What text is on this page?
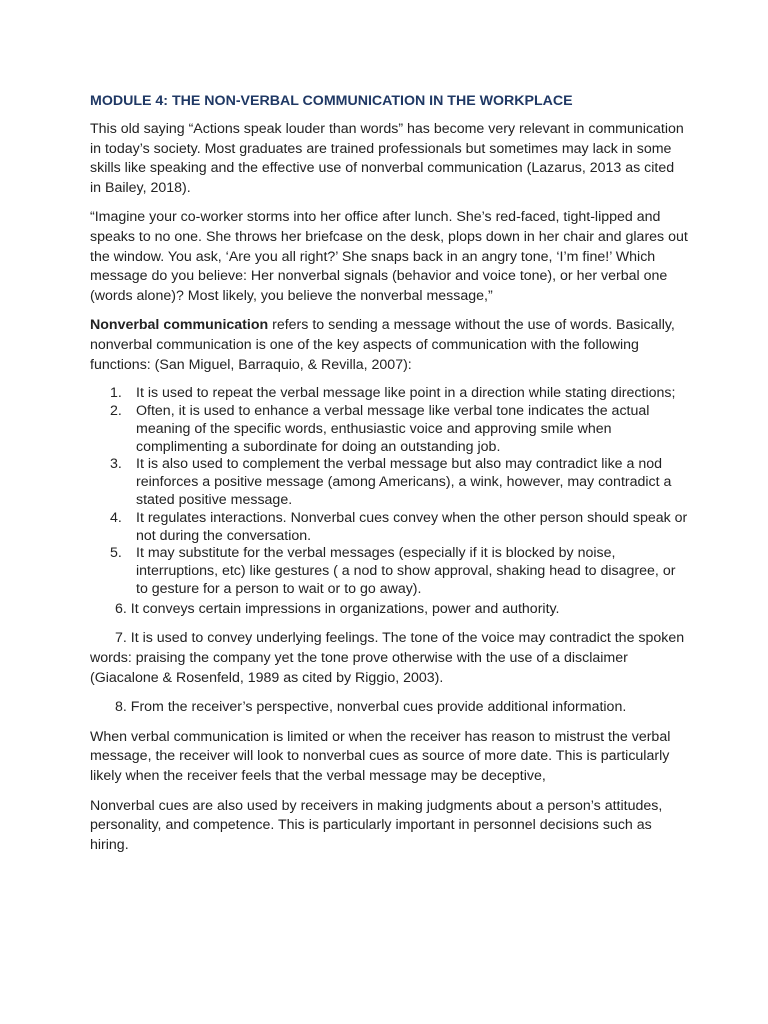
MODULE 4: THE NON-VERBAL COMMUNICATION IN THE WORKPLACE

This old saying “Actions speak louder than words” has become very relevant in communication in today’s society. Most graduates are trained professionals but sometimes may lack in some skills like speaking and the effective use of nonverbal communication (Lazarus, 2013 as cited in Bailey, 2018).

“Imagine your co-worker storms into her office after lunch. She’s red-faced, tight-lipped and speaks to no one. She throws her briefcase on the desk, plops down in her chair and glares out the window. You ask, ‘Are you all right?’ She snaps back in an angry tone, ‘I’m fine!’ Which message do you believe: Her nonverbal signals (behavior and voice tone), or her verbal one (words alone)? Most likely, you believe the nonverbal message,”

Nonverbal communication refers to sending a message without the use of words. Basically, nonverbal communication is one of the key aspects of communication with the following functions: (San Miguel, Barraquio, & Revilla, 2007):

1. It is used to repeat the verbal message like point in a direction while stating directions;
2. Often, it is used to enhance a verbal message like verbal tone indicates the actual meaning of the specific words, enthusiastic voice and approving smile when complimenting a subordinate for doing an outstanding job.
3. It is also used to complement the verbal message but also may contradict like a nod reinforces a positive message (among Americans), a wink, however, may contradict a stated positive message.
4. It regulates interactions. Nonverbal cues convey when the other person should speak or not during the conversation.
5. It may substitute for the verbal messages (especially if it is blocked by noise, interruptions, etc) like gestures ( a nod to show approval, shaking head to disagree, or to gesture for a person to wait or to go away).
6. It conveys certain impressions in organizations, power and authority.

7. It is used to convey underlying feelings. The tone of the voice may contradict the spoken words: praising the company yet the tone prove otherwise with the use of a disclaimer (Giacalone & Rosenfeld, 1989 as cited by Riggio, 2003).

8. From the receiver’s perspective, nonverbal cues provide additional information.

When verbal communication is limited or when the receiver has reason to mistrust the verbal message, the receiver will look to nonverbal cues as source of more date. This is particularly likely when the receiver feels that the verbal message may be deceptive,

Nonverbal cues are also used by receivers in making judgments about a person’s attitudes, personality, and competence. This is particularly important in personnel decisions such as hiring.
